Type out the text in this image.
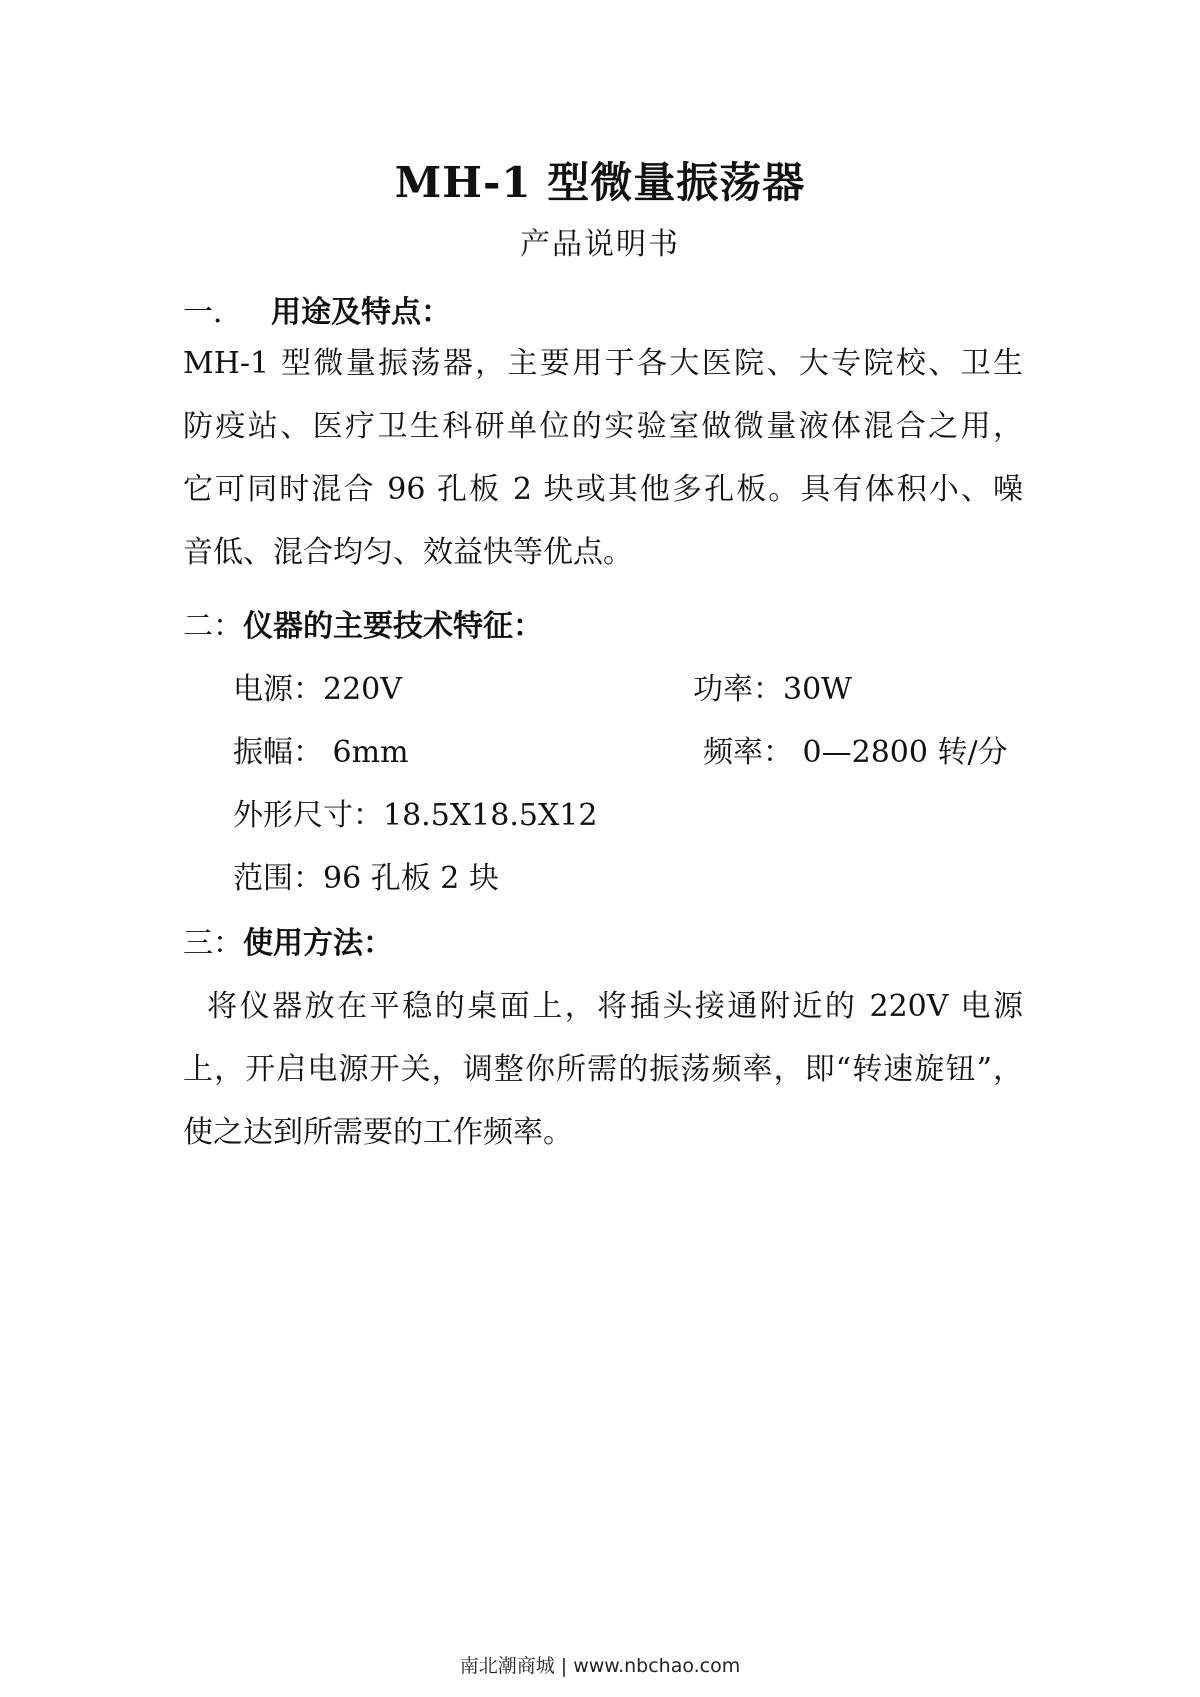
MH-1 型微量振荡器
产品说明书
一． 用途及特点：
MH-1 型微量振荡器，主要用于各大医院、大专院校、卫生
防疫站、医疗卫生科研单位的实验室做微量液体混合之用，
它可同时混合 96 孔板 2 块或其他多孔板。具有体积小、噪
音低、混合均匀、效益快等优点。
二：仪器的主要技术特征：
电源：220V	功率：30W
振幅： 6mm	频率： 0—2800 转/分
外形尺寸：18.5X18.5X12
范围：96 孔板 2 块
三：使用方法：
将仪器放在平稳的桌面上，将插头接通附近的 220V 电源
上，开启电源开关，调整你所需的振荡频率，即“转速旋钮”，
使之达到所需要的工作频率。
南北潮商城 | www.nbchao.com
